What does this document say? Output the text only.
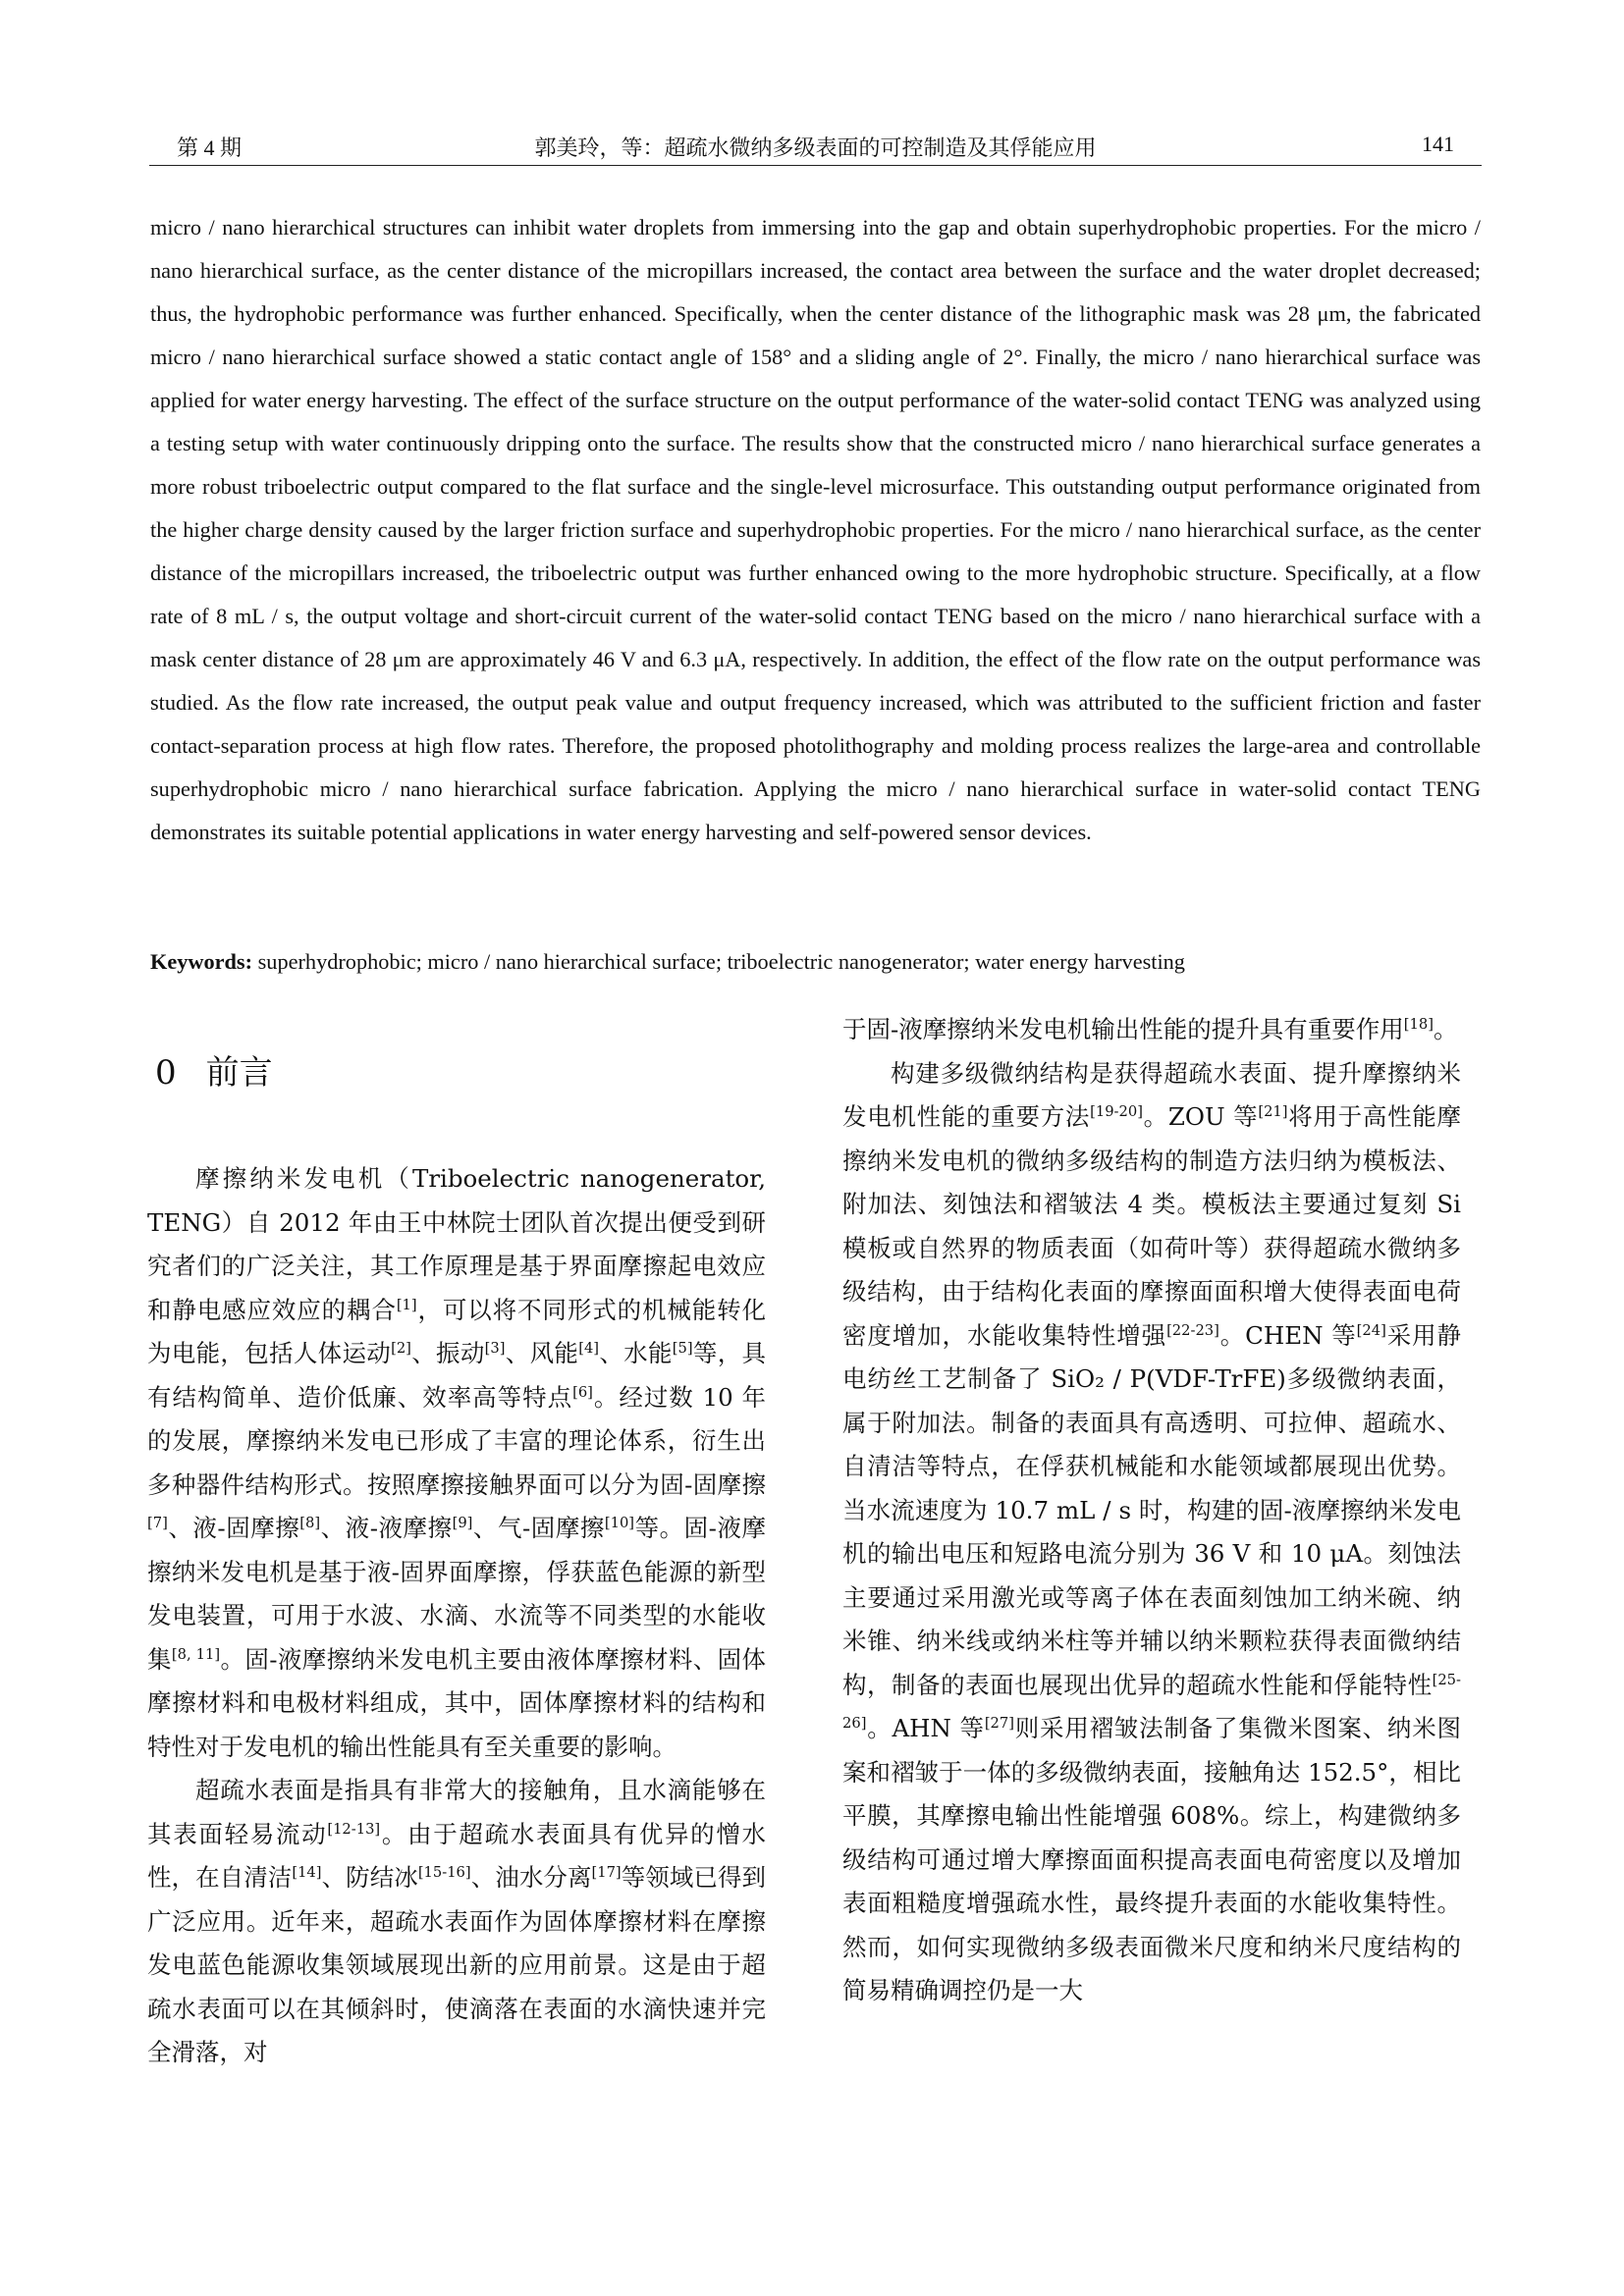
第 4 期	郭美玲，等：超疏水微纳多级表面的可控制造及其俘能应用	141
micro / nano hierarchical structures can inhibit water droplets from immersing into the gap and obtain superhydrophobic properties. For the micro / nano hierarchical surface, as the center distance of the micropillars increased, the contact area between the surface and the water droplet decreased; thus, the hydrophobic performance was further enhanced. Specifically, when the center distance of the lithographic mask was 28 μm, the fabricated micro / nano hierarchical surface showed a static contact angle of 158° and a sliding angle of 2°. Finally, the micro / nano hierarchical surface was applied for water energy harvesting. The effect of the surface structure on the output performance of the water-solid contact TENG was analyzed using a testing setup with water continuously dripping onto the surface. The results show that the constructed micro / nano hierarchical surface generates a more robust triboelectric output compared to the flat surface and the single-level microsurface. This outstanding output performance originated from the higher charge density caused by the larger friction surface and superhydrophobic properties. For the micro / nano hierarchical surface, as the center distance of the micropillars increased, the triboelectric output was further enhanced owing to the more hydrophobic structure. Specifically, at a flow rate of 8 mL / s, the output voltage and short-circuit current of the water-solid contact TENG based on the micro / nano hierarchical surface with a mask center distance of 28 μm are approximately 46 V and 6.3 μA, respectively. In addition, the effect of the flow rate on the output performance was studied. As the flow rate increased, the output peak value and output frequency increased, which was attributed to the sufficient friction and faster contact-separation process at high flow rates. Therefore, the proposed photolithography and molding process realizes the large-area and controllable superhydrophobic micro / nano hierarchical surface fabrication. Applying the micro / nano hierarchical surface in water-solid contact TENG demonstrates its suitable potential applications in water energy harvesting and self-powered sensor devices.
Keywords: superhydrophobic; micro / nano hierarchical surface; triboelectric nanogenerator; water energy harvesting
0 前言

摩擦纳米发电机（Triboelectric nanogenerator, TENG）自 2012 年由王中林院士团队首次提出便受到研究者们的广泛关注，其工作原理是基于界面摩擦起电效应和静电感应效应的耦合[1]，可以将不同形式的机械能转化为电能，包括人体运动[2]、振动[3]、风能[4]、水能[5]等，具有结构简单、造价低廉、效率高等特点[6]。经过数 10 年的发展，摩擦纳米发电已形成了丰富的理论体系，衍生出多种器件结构形式。按照摩擦接触界面可以分为固-固摩擦[7]、液-固摩擦[8]、液-液摩擦[9]、气-固摩擦[10]等。固-液摩擦纳米发电机是基于液-固界面摩擦，俘获蓝色能源的新型发电装置，可用于水波、水滴、水流等不同类型的水能收集[8, 11]。固-液摩擦纳米发电机主要由液体摩擦材料、固体摩擦材料和电极材料组成，其中，固体摩擦材料的结构和特性对于发电机的输出性能具有至关重要的影响。

超疏水表面是指具有非常大的接触角，且水滴能够在其表面轻易流动[12-13]。由于超疏水表面具有优异的憎水性，在自清洁[14]、防结冰[15-16]、油水分离[17]等领域已得到广泛应用。近年来，超疏水表面作为固体摩擦材料在摩擦发电蓝色能源收集领域展现出新的应用前景。这是由于超疏水表面可以在其倾斜时，使滴落在表面的水滴快速并完全滑落，对

于固-液摩擦纳米发电机输出性能的提升具有重要作用[18]。

构建多级微纳结构是获得超疏水表面、提升摩擦纳米发电机性能的重要方法[19-20]。ZOU 等[21]将用于高性能摩擦纳米发电机的微纳多级结构的制造方法归纳为模板法、附加法、刻蚀法和褶皱法 4 类。模板法主要通过复刻 Si 模板或自然界的物质表面（如荷叶等）获得超疏水微纳多级结构，由于结构化表面的摩擦面面积增大使得表面电荷密度增加，水能收集特性增强[22-23]。CHEN 等[24]采用静电纺丝工艺制备了 SiO₂ / P(VDF-TrFE)多级微纳表面，属于附加法。制备的表面具有高透明、可拉伸、超疏水、自清洁等特点，在俘获机械能和水能领域都展现出优势。当水流速度为 10.7 mL / s 时，构建的固-液摩擦纳米发电机的输出电压和短路电流分别为 36 V 和 10 μA。刻蚀法主要通过采用激光或等离子体在表面刻蚀加工纳米碗、纳米锥、纳米线或纳米柱等并辅以纳米颗粒获得表面微纳结构，制备的表面也展现出优异的超疏水性能和俘能特性[25-26]。AHN 等[27]则采用褶皱法制备了集微米图案、纳米图案和褶皱于一体的多级微纳表面，接触角达 152.5°，相比平膜，其摩擦电输出性能增强 608%。综上，构建微纳多级结构可通过增大摩擦面面积提高表面电荷密度以及增加表面粗糙度增强疏水性，最终提升表面的水能收集特性。然而，如何实现微纳多级表面微米尺度和纳米尺度结构的简易精确调控仍是一大
